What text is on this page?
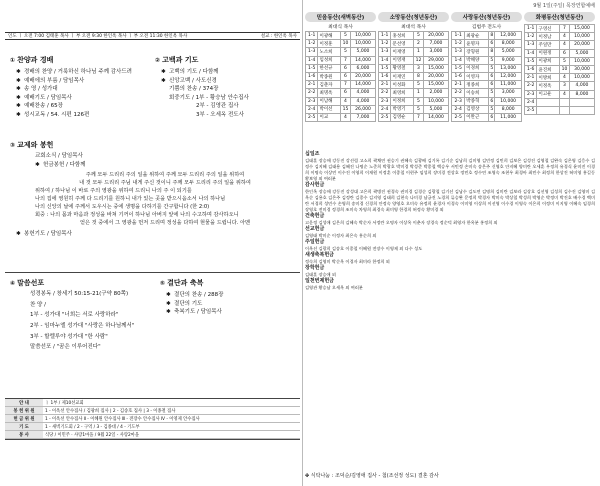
인도 ㅣ 오전 7:00 김태훈 목사 ㅣ 부 오전 9:30 한인옥 목사 ㅣ 부 오전 11:30 한인옥 목사	설교 : 한인옥 목사
① 찬양과 경배
✱ 경배의 찬양 / 거룩하신 하나님 주께 감사드려
✱ 예배에의 부름 / 담임목사
✱ 송 영 / 성가대
✱ 예배기도 / 담임목사
✱ 예배찬송 / 65장
✱ 성시교독 / 54. 시편 126편
② 고백과 기도
✱ 고백의 기도 / 다함께
✱ 신앙고백 / 사도신경
기쁨의 찬송 / 374장
회중기도 / 1부 - 황승남 안수집사
2부 - 김영관 집사
3부 - 오세옥 전도사
③ 교제와 봉헌
교회소식 / 담임목사
✱ 헌금봉헌 / 다함께
주께 모두 드리리 주의 일을 위하여 주께 모두 드리리 주의 일을 위하여
내 것 모두 드리리 주님 내게 주신 것이니 주께 모두 드리리 주의 일을 위하여
위하여 / 하나님 이 바로 주의 영광을 위하여 드리니 나의 주 이 되기를
나의 집에 영원히 주께 다 드리기를 원하니 내가 있는 곳을 받으시옵소서 나의 하나님
나의 신앙의 날에 주께서 도우시는 중에 생명을 다하기를 간구합니다 (한 2:0)
회중 : 나의 몸과 마음과 정성을 바쳐 기꺼이 하나님 아버지 앞에 나의 수고하며 감사하오니
얻은 것 중에서 그 영광을 먼저 드리며 정성을 다하여 현물을 드립니다. 아멘
✱ 봉헌기도 / 담임목사
④ 말씀선포
성경봉독 / 창세기 50:15-21(구약 80쪽)
찬 양 /
1부 - 성가대 "너희는 서로 사랑하라"
2부 - 임마누엘 성가대 "사랑은 하나님께서"
3부 - 할렐루야 성가대 "한 사람"
말씀선포 / "꿈은 이루어진다"
⑤ 결단과 축복
✱ 결단의 찬송 / 288장
✱ 결단의 기도
✱ 축복기도 / 담임목사
안 내	ㅣ 1부 / 제10선교회
봉 헌 위 원	1 - 이옥선 안수집사 / 김광희 집사 | 2 - 김송호 집사 | 3 - 이종철 집사
헌 금 위 원	1 - 이옥선 안수집사 Ⅱ - 이혜원 안수집사 Ⅲ - 전장수 안수집사 Ⅳ - 이영제 안수집사
기 도	1 - 새벽기도회 / 2 - 구역 / 3 - 김종대 / 4 - 기도부
봉 사	식당 / 이민주 · 사랑1마을 / 9월 22일 - 사랑2마을
9월 1일(주일) 목장연합예배
믿음동산(새벽동산)
최대식 목사
1-1	이광해	5	10,000
1-2	이정훈	10	10,000
1-3	노소희	5	5,000
1-4	임성희	7	14,000
1-5	한선규	6	6,000
1-6	박종원	6	20,000
2-1	김춘자	7	14,000
2-2	최명옥	6	4,000
2-3	이남해	4	4,000
2-4	박이선	15	26,000
2-5	이교	4	7,000
소망동산(청년동산)
최대석 목사
1-1	홍성희	5	20,000
1-2	문선영	2	7,000
1-3	이재영	1	3,000
1-4	이영재	12	29,000
1-5	황영철	3	15,000
1-6	이재연	8	20,000
2-1	이성화	5	15,000
2-2	최영희	1	2,000
2-3	이정희	5	10,000
2-4	박영기	5	5,000
2-5	김영순	7	14,000
사랑동산(청년동산)
김범주 전도사
1-1	최광순	8	12,000
1-2	윤명자	6	8,000
1-3	장형원	8	5,000
1-4	박해양	5	9,000
1-5	이경희	5	13,000
1-6	이영자	6	12,000
2-1	정종희	6	11,000
2-2	이승희	5	3,000
2-3	박종혁	6	10,000
2-4	김영상	5	8,000
2-5	이완근	6	11,000
화평동산(청년동산)
1-1	구영신	7	15,000
1-2	이정남	4	10,000
1-3	주일만	4	20,000
1-4	이원정	6	5,000
1-5	이광희	5	10,000
1-6	윤진희	10	30,000
2-1	이방희	4	10,000
2-2	이정옥	3	4,000
2-3	이고운	4	8,000
2-4			
2-5			
십일조

김태훈 장승애 강동진 강선림 고소희 곽채연 권승기 권혜숙 김광배 김기록 김기순 김남희 김미영 김민정 김민희 김보은 김성진 김영철 김완숙 김은영 김응수 김정수 김지혜 김태용 김혜진 나명순 노준희 박광호 박미경 박성준 박종철 백승우 서민정 손미숙 송은주 신영호 안지혜 양미란 오세훈 우정희 유경식 윤미진 이경희 이명숙 이상민 이수진 이영희 이재원 이정훈 이종철 이현주 임성희 장미경 전상호 정민호 정수연 조영숙 조현우 최경아 최민수 최정희 한상진 허미영 홍길동 황보영 외 여러분

감사헌금

한인옥 장승애 강동진 강성대 고은희 곽병진 권경숙 권미경 김경순 김광철 김기선 김남수 김도연 김명희 김미란 김보라 김상호 김선영 김성희 김수진 김영미 김옥순 김용호 김은주 김정란 김종수 김지영 김태희 김현숙 나미경 남궁진 노경희 류승완 문정희 박경자 박미숙 박상철 박성희 박영순 박정미 박진호 배수경 백미란 서경희 성민수 손영희 송미경 신경희 안정숙 양영호 오미숙 유정희 윤경자 이경숙 이미영 이상희 이선영 이수경 이영숙 이은희 이정미 이지영 이혜숙 임경희 장영호 전미경 정경희 조미숙 차영희 최경숙 최미영 한경희 허정숙 황미경 외

건축헌금

고운정 김성애 김은희 김혜숙 박순자 서정란 오명자 이상옥 이춘자 장경숙 정순덕 최영자 한옥분 홍정희 외

선교헌금

김영태 박미순 이정자 최은숙 홍순희 외

주일헌금

이옥선 김광희 김송호 이종철 이혜원 전장수 이영제 외 다수 성도

새생축복헌금

정숙희 김영미 박순옥 이경자 최미라 한정희 외

장학헌금

김태훈 장승애 외

일천번제헌금

김영관 황승남 오세옥 외 여러분

✤ 식탁나눔 : 조덕순/김영애 집사 - 첨(조선정 성도) 결혼 감사
